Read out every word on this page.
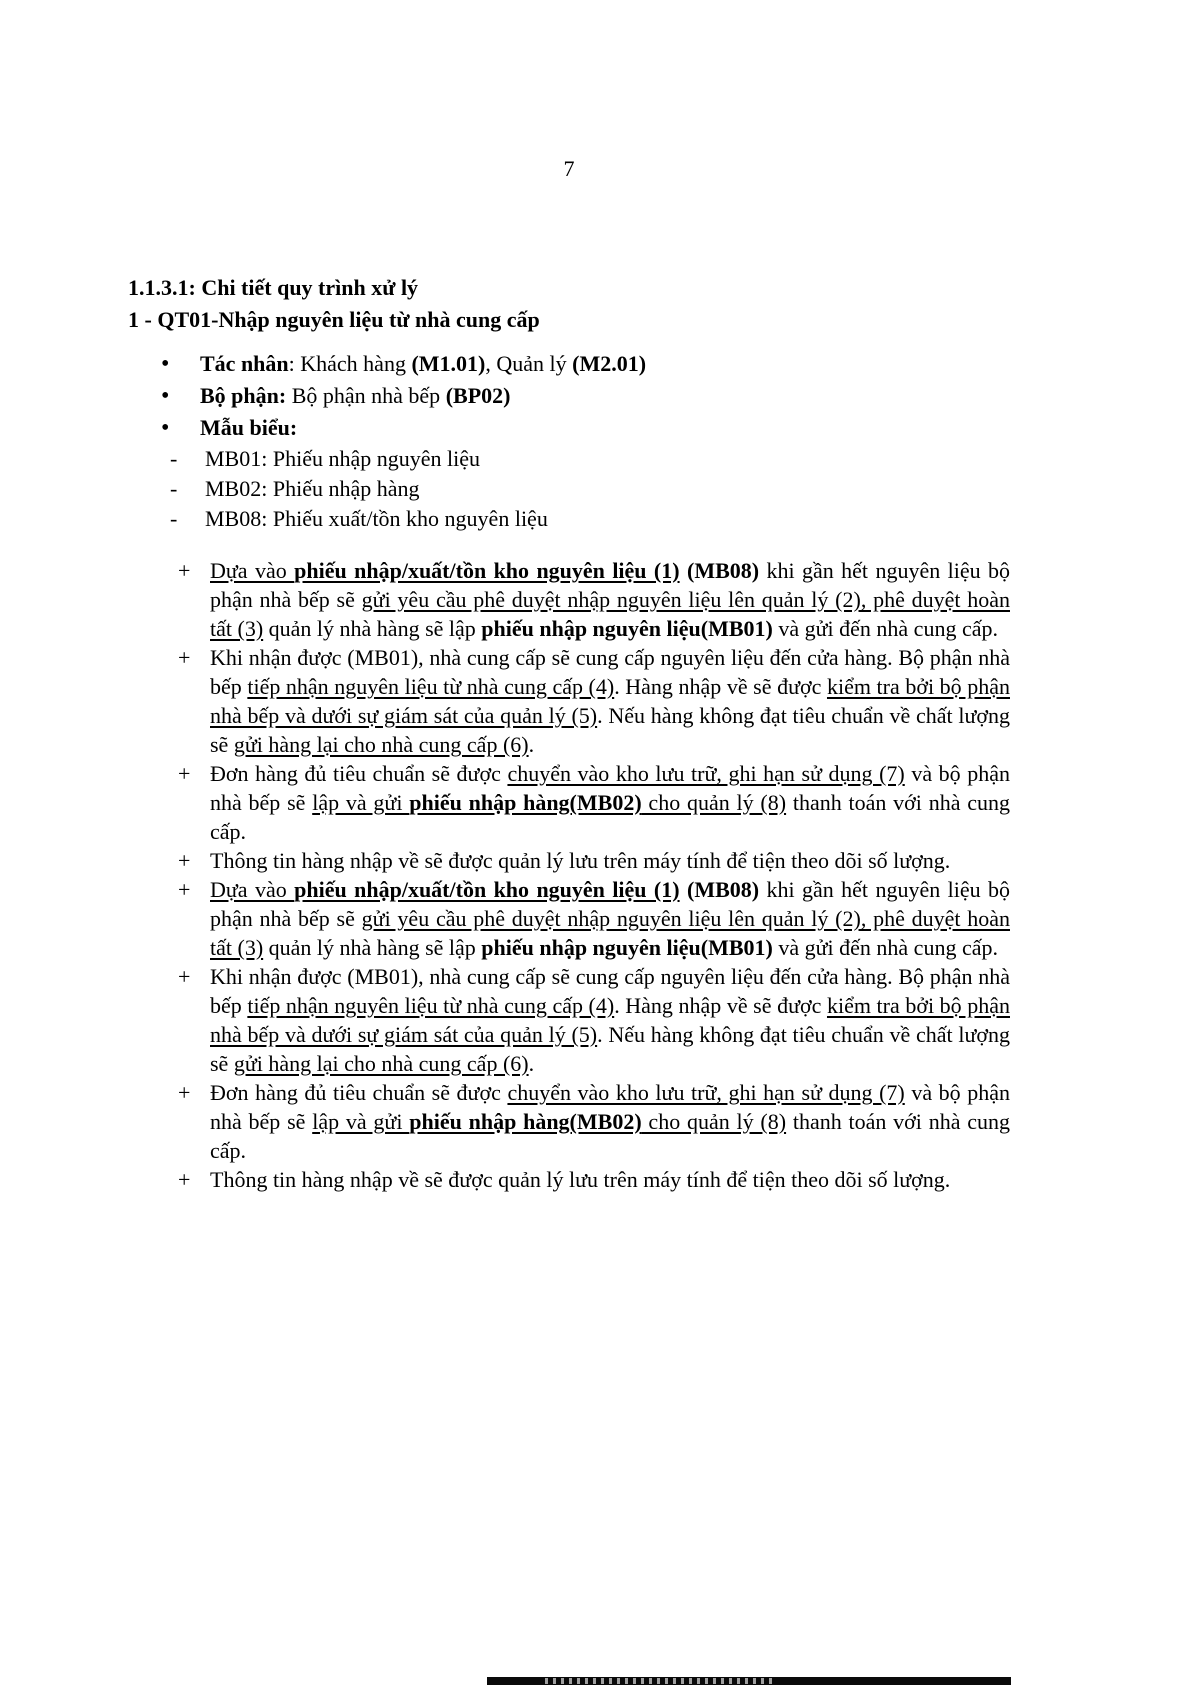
7
1.1.3.1: Chi tiết quy trình xử lý
1 - QT01-Nhập nguyên liệu từ nhà cung cấp
• Tác nhân: Khách hàng (M1.01), Quản lý (M2.01)
• Bộ phận: Bộ phận nhà bếp (BP02)
• Mẫu biểu:
- MB01: Phiếu nhập nguyên liệu
- MB02: Phiếu nhập hàng
- MB08: Phiếu xuất/tồn kho nguyên liệu
+ Dựa vào phiếu nhập/xuất/tồn kho nguyên liệu (1) (MB08) khi gần hết nguyên liệu bộ phận nhà bếp sẽ gửi yêu cầu phê duyệt nhập nguyên liệu lên quản lý (2), phê duyệt hoàn tất (3) quản lý nhà hàng sẽ lập phiếu nhập nguyên liệu(MB01) và gửi đến nhà cung cấp.
+ Khi nhận được (MB01), nhà cung cấp sẽ cung cấp nguyên liệu đến cửa hàng. Bộ phận nhà bếp tiếp nhận nguyên liệu từ nhà cung cấp (4). Hàng nhập về sẽ được kiểm tra bởi bộ phận nhà bếp và dưới sự giám sát của quản lý (5). Nếu hàng không đạt tiêu chuẩn về chất lượng sẽ gửi hàng lại cho nhà cung cấp (6).
+ Đơn hàng đủ tiêu chuẩn sẽ được chuyển vào kho lưu trữ, ghi hạn sử dụng (7) và bộ phận nhà bếp sẽ lập và gửi phiếu nhập hàng(MB02) cho quản lý (8) thanh toán với nhà cung cấp.
+ Thông tin hàng nhập về sẽ được quản lý lưu trên máy tính để tiện theo dõi số lượng.
+ Dựa vào phiếu nhập/xuất/tồn kho nguyên liệu (1) (MB08) khi gần hết nguyên liệu bộ phận nhà bếp sẽ gửi yêu cầu phê duyệt nhập nguyên liệu lên quản lý (2), phê duyệt hoàn tất (3) quản lý nhà hàng sẽ lập phiếu nhập nguyên liệu(MB01) và gửi đến nhà cung cấp.
+ Khi nhận được (MB01), nhà cung cấp sẽ cung cấp nguyên liệu đến cửa hàng. Bộ phận nhà bếp tiếp nhận nguyên liệu từ nhà cung cấp (4). Hàng nhập về sẽ được kiểm tra bởi bộ phận nhà bếp và dưới sự giám sát của quản lý (5). Nếu hàng không đạt tiêu chuẩn về chất lượng sẽ gửi hàng lại cho nhà cung cấp (6).
+ Đơn hàng đủ tiêu chuẩn sẽ được chuyển vào kho lưu trữ, ghi hạn sử dụng (7) và bộ phận nhà bếp sẽ lập và gửi phiếu nhập hàng(MB02) cho quản lý (8) thanh toán với nhà cung cấp.
+ Thông tin hàng nhập về sẽ được quản lý lưu trên máy tính để tiện theo dõi số lượng.
